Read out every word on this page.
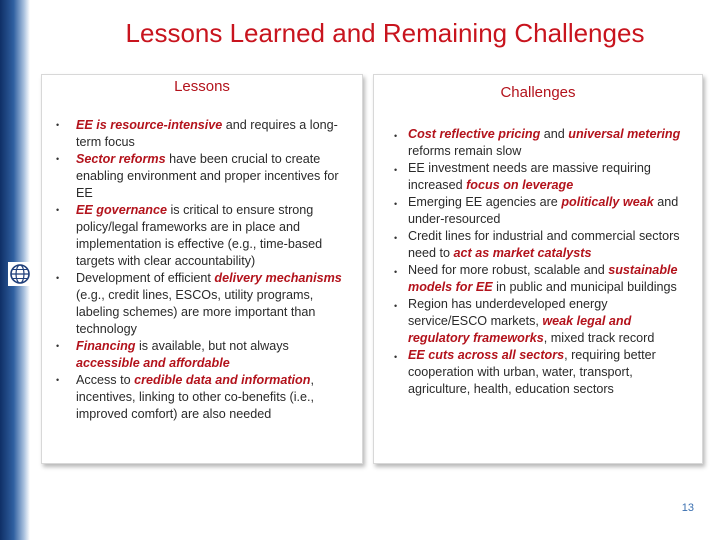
Lessons Learned and Remaining Challenges
Lessons
• EE is resource-intensive and requires a long-term focus
• Sector reforms have been crucial to create enabling environment and proper incentives for EE
• EE governance is critical to ensure strong policy/legal frameworks are in place and implementation is effective (e.g., time-based targets with clear accountability)
• Development of efficient delivery mechanisms (e.g., credit lines, ESCOs, utility programs, labeling schemes) are more important than technology
• Financing is available, but not always accessible and affordable
• Access to credible data and information, incentives, linking to other co-benefits (i.e., improved comfort) are also needed
Challenges
• Cost reflective pricing and universal metering reforms remain slow
• EE investment needs are massive requiring increased focus on leverage
• Emerging EE agencies are politically weak and under-resourced
• Credit lines for industrial and commercial sectors need to act as market catalysts
• Need for more robust, scalable and sustainable models for EE in public and municipal buildings
• Region has underdeveloped energy service/ESCO markets, weak legal and regulatory frameworks, mixed track record
• EE cuts across all sectors, requiring better cooperation with urban, water, transport, agriculture, health, education sectors
13
